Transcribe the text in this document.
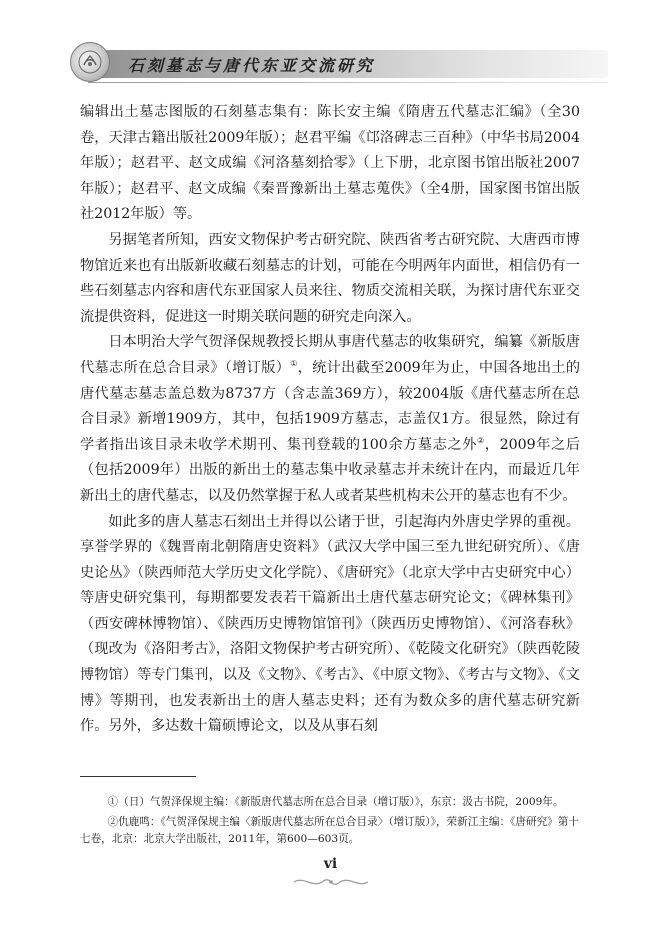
石刻墓志与唐代东亚交流研究

编辑出土墓志图版的石刻墓志集有：陈长安主编《隋唐五代墓志汇编》（全30卷，天津古籍出版社2009年版）；赵君平编《邙洛碑志三百种》（中华书局2004年版）；赵君平、赵文成编《河洛墓刻拾零》（上下册，北京图书馆出版社2007年版）；赵君平、赵文成编《秦晋豫新出土墓志蒐佚》（全4册，国家图书馆出版社2012年版）等。

另据笔者所知，西安文物保护考古研究院、陕西省考古研究院、大唐西市博物馆近来也有出版新收藏石刻墓志的计划，可能在今明两年内面世，相信仍有一些石刻墓志内容和唐代东亚国家人员来往、物质交流相关联，为探讨唐代东亚交流提供资料，促进这一时期关联问题的研究走向深入。

日本明治大学气贺泽保规教授长期从事唐代墓志的收集研究，编纂《新版唐代墓志所在总合目录》（增订版）①，统计出截至2009年为止，中国各地出土的唐代墓志墓志盖总数为8737方（含志盖369方），较2004版《唐代墓志所在总合目录》新增1909方，其中，包括1909方墓志，志盖仅1方。很显然，除过有学者指出该目录未收学术期刊、集刊登载的100余方墓志之外②，2009年之后（包括2009年）出版的新出土的墓志集中收录墓志并未统计在内，而最近几年新出土的唐代墓志，以及仍然掌握于私人或者某些机构未公开的墓志也有不少。

如此多的唐人墓志石刻出土并得以公诸于世，引起海内外唐史学界的重视。享誉学界的《魏晋南北朝隋唐史资料》（武汉大学中国三至九世纪研究所）、《唐史论丛》（陕西师范大学历史文化学院）、《唐研究》（北京大学中古史研究中心）等唐史研究集刊，每期都要发表若干篇新出土唐代墓志研究论文；《碑林集刊》（西安碑林博物馆）、《陕西历史博物馆馆刊》（陕西历史博物馆）、《河洛春秋》（现改为《洛阳考古》，洛阳文物保护考古研究所）、《乾陵文化研究》（陕西乾陵博物馆）等专门集刊，以及《文物》、《考古》、《中原文物》、《考古与文物》、《文博》等期刊，也发表新出土的唐人墓志史料；还有为数众多的唐代墓志研究新作。另外，多达数十篇硕博论文，以及从事石刻

①（日）气贺泽保规主编：《新版唐代墓志所在总合目录（增订版）》，东京：汲古书院，2009年。

②仇鹿鸣：《气贺泽保规主编〈新版唐代墓志所在总合目录〉（增订版）》，荣新江主编：《唐研究》第十七卷，北京：北京大学出版社，2011年，第600—603页。

vi
